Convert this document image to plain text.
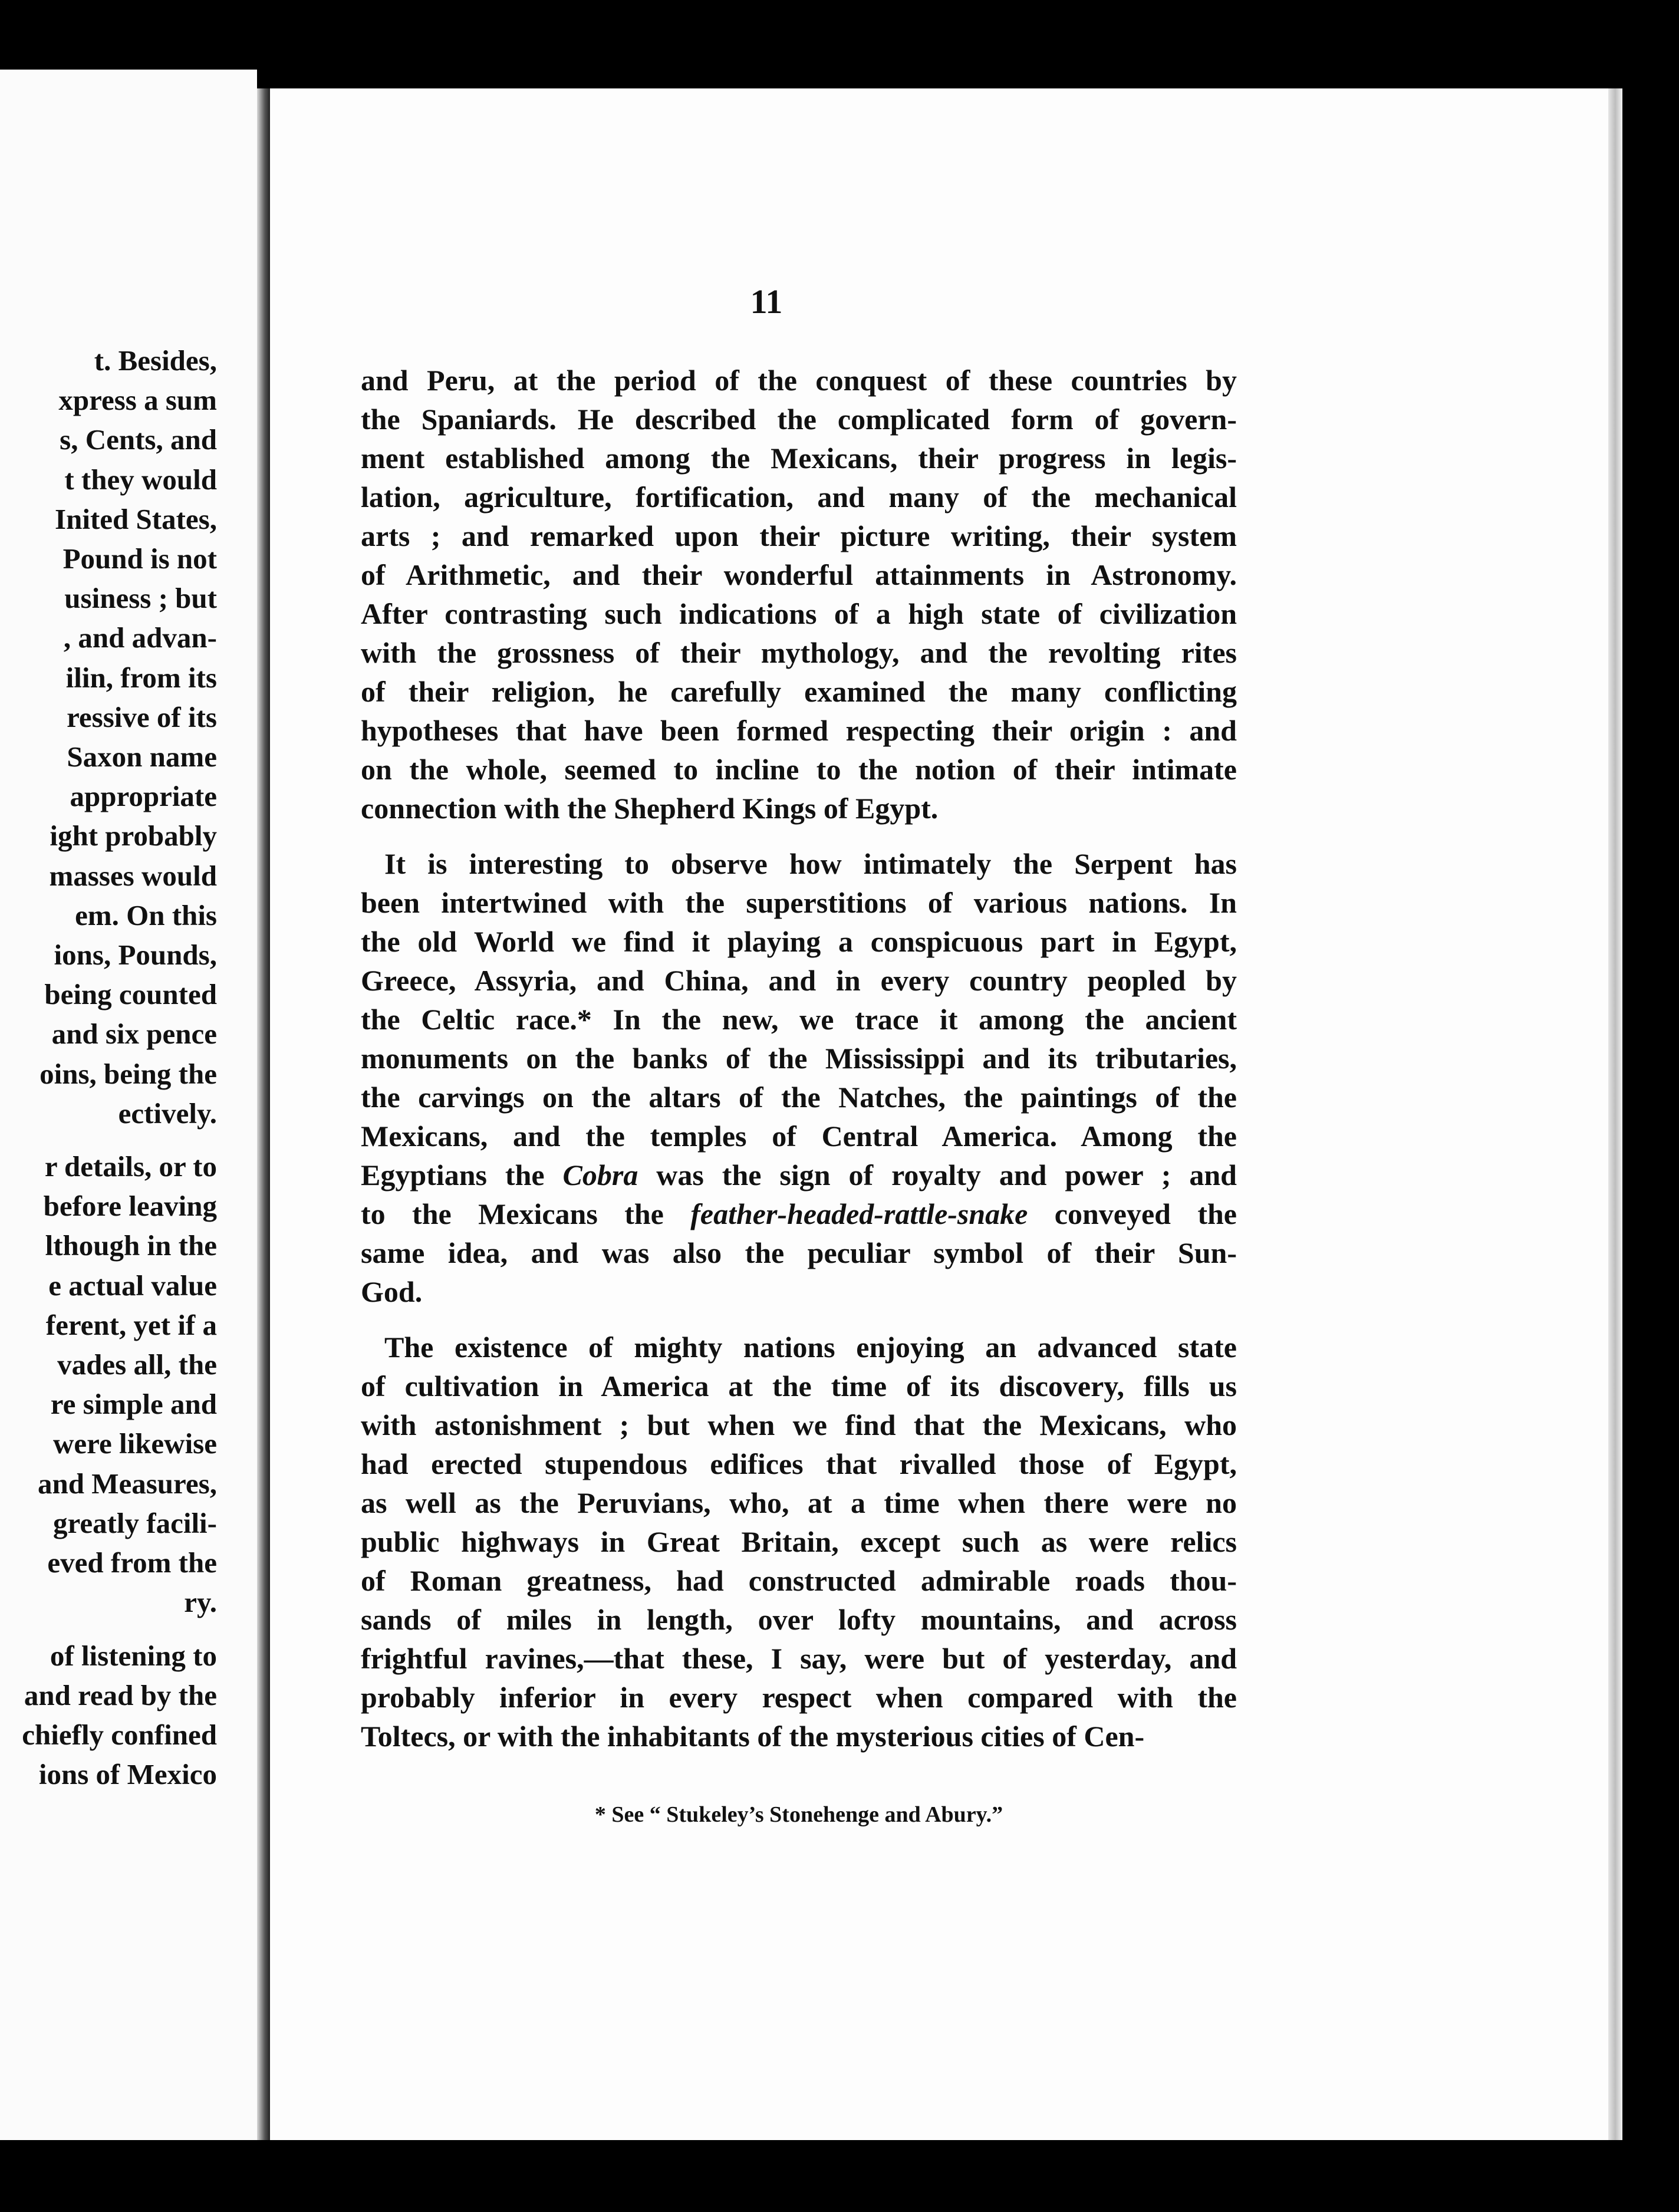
t. Besides,
xpress a sum
s, Cents, and
t they would
Inited States,
Pound is not
usiness ; but
, and advan-
ilin, from its
ressive of its
Saxon name
appropriate
ight probably
masses would
em. On this
ions, Pounds,
being counted
and six pence
oins, being the
ectively.
r details, or to
before leaving
lthough in the
e actual value
ferent, yet if a
vades all, the
re simple and
were likewise
and Measures,
greatly facili-
eved from the
ry.
of listening to
and read by the
chiefly confined
ions of Mexico
11
and Peru, at the period of the conquest of these countries by
the Spaniards. He described the complicated form of govern-
ment established among the Mexicans, their progress in legis-
lation, agriculture, fortification, and many of the mechanical
arts ; and remarked upon their picture writing, their system
of Arithmetic, and their wonderful attainments in Astronomy.
After contrasting such indications of a high state of civilization
with the grossness of their mythology, and the revolting rites
of their religion, he carefully examined the many conflicting
hypotheses that have been formed respecting their origin : and
on the whole, seemed to incline to the notion of their intimate
connection with the Shepherd Kings of Egypt.
It is interesting to observe how intimately the Serpent has
been intertwined with the superstitions of various nations. In
the old World we find it playing a conspicuous part in Egypt,
Greece, Assyria, and China, and in every country peopled by
the Celtic race.* In the new, we trace it among the ancient
monuments on the banks of the Mississippi and its tributaries,
the carvings on the altars of the Natches, the paintings of the
Mexicans, and the temples of Central America. Among the
Egyptians the Cobra was the sign of royalty and power ; and
to the Mexicans the feather-headed-rattle-snake conveyed the
same idea, and was also the peculiar symbol of their Sun-
God.
The existence of mighty nations enjoying an advanced state
of cultivation in America at the time of its discovery, fills us
with astonishment ; but when we find that the Mexicans, who
had erected stupendous edifices that rivalled those of Egypt,
as well as the Peruvians, who, at a time when there were no
public highways in Great Britain, except such as were relics
of Roman greatness, had constructed admirable roads thou-
sands of miles in length, over lofty mountains, and across
frightful ravines,—that these, I say, were but of yesterday, and
probably inferior in every respect when compared with the
Toltecs, or with the inhabitants of the mysterious cities of Cen-
* See “ Stukeley’s Stonehenge and Abury.”
